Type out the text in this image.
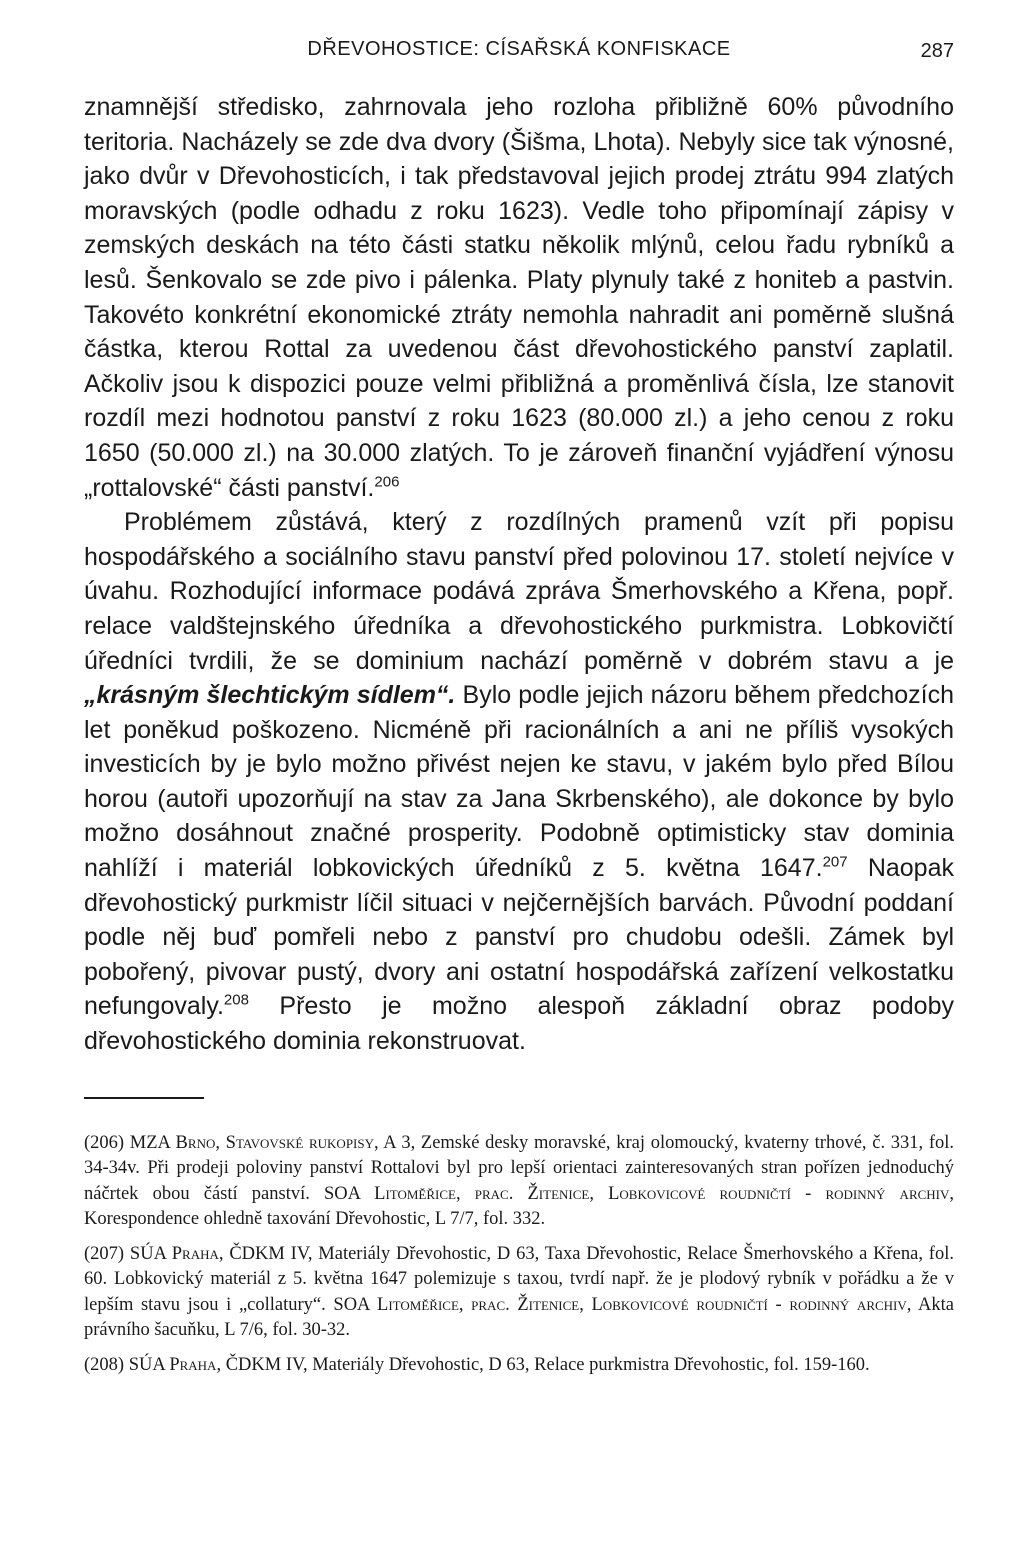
DŘEVOHOSTICE: CÍSAŘSKÁ KONFISKACE	287

znamnější středisko, zahrnovala jeho rozloha přibližně 60% původního teritoria. Nacházely se zde dva dvory (Šišma, Lhota). Nebyly sice tak výnosné, jako dvůr v Dřevohosticích, i tak představoval jejich prodej ztrátu 994 zlatých moravských (podle odhadu z roku 1623). Vedle toho připomínají zápisy v zemských deskách na této části statku několik mlýnů, celou řadu rybníků a lesů. Šenkovalo se zde pivo i pálenka. Platy plynuly také z honiteb a pastvin. Takovéto konkrétní ekonomické ztráty nemohla nahradit ani poměrně slušná částka, kterou Rottal za uvedenou část dřevohostického panství zaplatil. Ačkoliv jsou k dispozici pouze velmi přibližná a proměnlivá čísla, lze stanovit rozdíl mezi hodnotou panství z roku 1623 (80.000 zl.) a jeho cenou z roku 1650 (50.000 zl.) na 30.000 zlatých. To je zároveň finanční vyjádření výnosu „rottalovské“ části panství.$^{206}$

Problémem zůstává, který z rozdílných pramenů vzít při popisu hospodářského a sociálního stavu panství před polovinou 17. století nejvíce v úvahu. Rozhodující informace podává zpráva Šmerhovského a Křena, popř. relace valdštejnského úředníka a dřevohostického purkmistra. Lobkovičtí úředníci tvrdili, že se dominium nachází poměrně v dobrém stavu a je „krásným šlechtickým sídlem“. Bylo podle jejich názoru během předchozích let poněkud poškozeno. Nicméně při racionálních a ani ne příliš vysokých investicích by je bylo možno přivést nejen ke stavu, v jakém bylo před Bílou horou (autoři upozorňují na stav za Jana Skrbenského), ale dokonce by bylo možno dosáhnout značné prosperity. Podobně optimisticky stav dominia nahlíží i materiál lobkovických úředníků z 5. května 1647.$^{207}$ Naopak dřevohostický purkmistr líčil situaci v nejčernějších barvách. Původní poddaní podle něj buď pomřeli nebo z panství pro chudobu odešli. Zámek byl pobořený, pivovar pustý, dvory ani ostatní hospodářská zařízení velkostatku nefungovaly.$^{208}$ Přesto je možno alespoň základní obraz podoby dřevohostického dominia rekonstruovat.

(206) MZA Brno, Stavovské rukopisy, A 3, Zemské desky moravské, kraj olomoucký, kvaterny trhové, č. 331, fol. 34-34v. Při prodeji poloviny panství Rottalovi byl pro lepší orientaci zainteresovaných stran pořízen jednoduchý náčrtek obou částí panství. SOA Litoměřice, prac. Žitenice, Lobkovicové roudničtí - rodinný archiv, Korespondence ohledně taxování Dřevohostic, L 7/7, fol. 332.

(207) SÚA Praha, ČDKM IV, Materiály Dřevohostic, D 63, Taxa Dřevohostic, Relace Šmerhovského a Křena, fol. 60. Lobkovický materiál z 5. května 1647 polemizuje s taxou, tvrdí např. že je plodový rybník v pořádku a že v lepším stavu jsou i „collatury“. SOA Litoměřice, prac. Žitenice, Lobkovicové roudničtí - rodinný archiv, Akta právního šacuňku, L 7/6, fol. 30-32.

(208) SÚA Praha, ČDKM IV, Materiály Dřevohostic, D 63, Relace purkmistra Dřevohostic, fol. 159-160.
